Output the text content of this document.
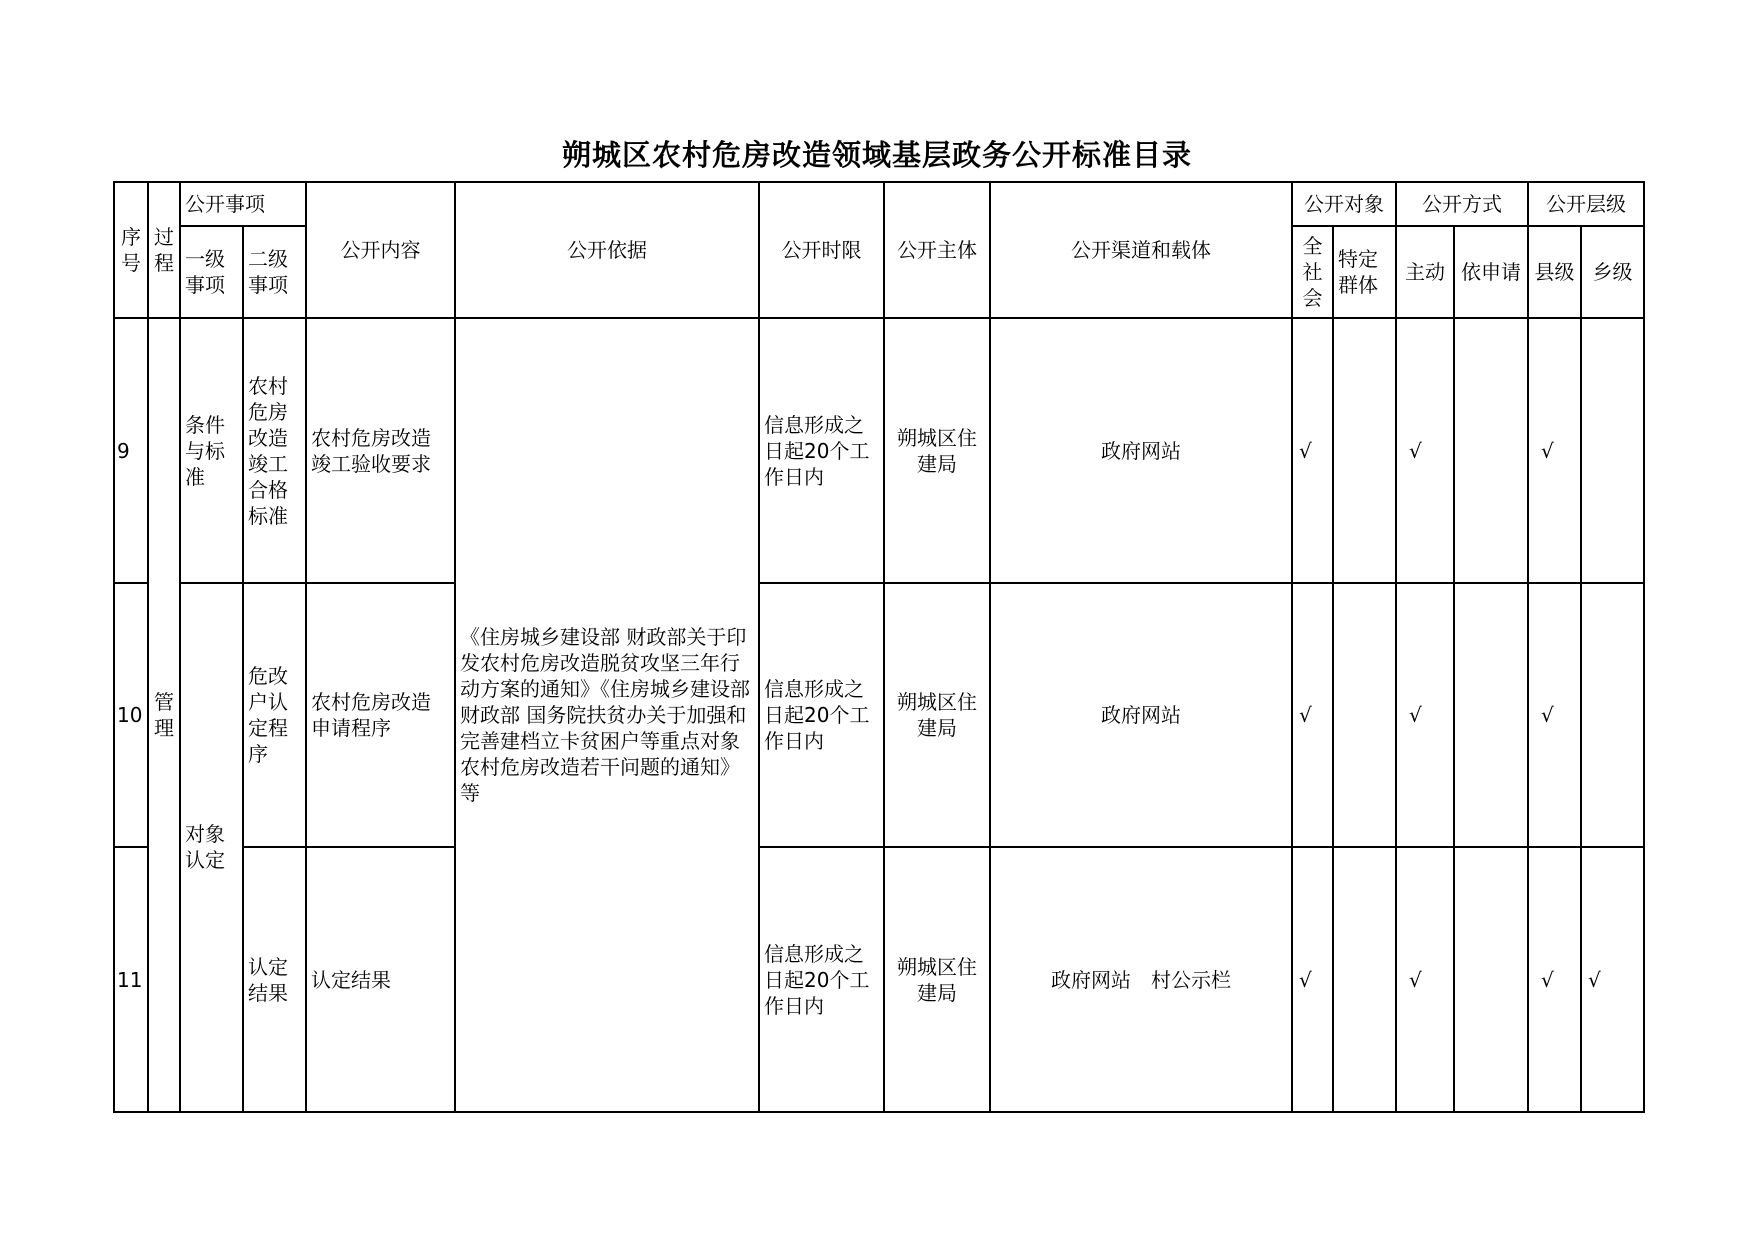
朔城区农村危房改造领域基层政务公开标准目录
序号	过程	公开事项		公开内容	公开依据	公开时限	公开主体	公开渠道和载体	公开对象		公开方式		公开层级	
		一级事项	二级事项						全社会	特定群体	主动	依申请	县级	乡级
9	管理	条件与标准	农村危房改造竣工合格标准	农村危房改造竣工验收要求	《住房城乡建设部 财政部关于印发农村危房改造脱贫攻坚三年行动方案的通知》《住房城乡建设部 财政部 国务院扶贫办关于加强和完善建档立卡贫困户等重点对象农村危房改造若干问题的通知》等	信息形成之日起20个工作日内	朔城区住建局	政府网站	√		√		√	
10		对象认定	危改户认定程序	农村危房改造申请程序		信息形成之日起20个工作日内	朔城区住建局	政府网站	√		√		√	
11			认定结果	认定结果		信息形成之日起20个工作日内	朔城区住建局	政府网站　村公示栏	√		√		√	√
